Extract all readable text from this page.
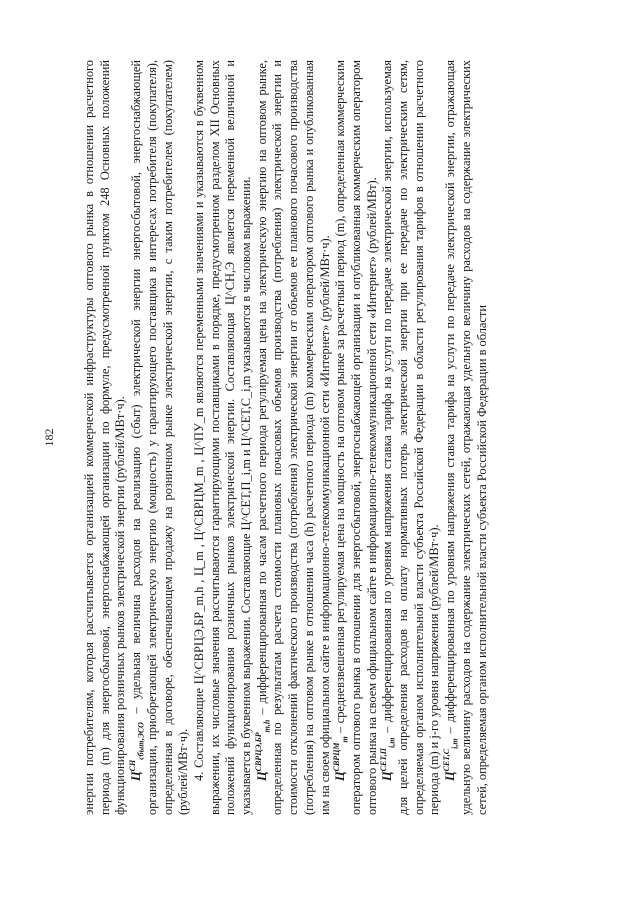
182 энергии потребителям, которая рассчитывается организацией коммерческой инфраструктуры оптового рынка в отношении расчетного периода (m) для энергосбытовой, энергоснабжающей организации по формуле, предусмотренной пунктом 248 Основных положений функционирования розничных рынков электрической энергии (рублей/МВт·ч). $Ц^{СН}_{сбыт,ЭСО}$ – удельная величина расходов на реализацию (сбыт) электрической энергии энергосбытовой, энергоснабжающей организации, приобретающей электрическую энергию (мощность) у гарантирующего поставщика в интересах потребителя (покупателя), определенная в договоре, обеспечивающем продажу на розничном рынке электрической энергии, с таким потребителем (покупателем) (рублей/МВт·ч). 4. Составляющие Ц^СВРЦЭ,БР_m,h , Ц_m , Ц^СВРЦМ_m , Ц^ПУ_m являются переменными значениями и указываются в буквенном выражении, их числовые значения рассчитываются гарантирующими поставщиками в порядке, предусмотренном разделом XII Основных положений функционирования розничных рынков электрической энергии. Составляющая Ц^СН,Э является переменной величиной и указывается в буквенном выражении. Составляющие Ц^СЕТ,Π_i,m и Ц^СЕТ,С_i,m указываются в числовом выражении. $Ц^{СВРЦЭ,БР}_{m,h}$ – дифференцированная по часам расчетного периода регулируемая цена на электрическую энергию на оптовом рынке, определенная по результатам расчета стоимости плановых почасовых объемов производства (потребления) электрической энергии и стоимости отклонений фактического производства (потребления) электрической энергии от объемов ее планового почасового производства (потребления) на оптовом рынке в отношении часа (h) расчетного периода (m) коммерческим оператором оптового рынка и опубликованная им на своем официальном сайте в информационно-телекоммуникационной сети «Интернет» (рублей/МВт·ч). $Ц^{СВРЦМ}_m$ – средневзвешенная регулируемая цена на мощность на оптовом рынке за расчетный период (m), определенная коммерческим оператором оптового рынка в отношении для энергосбытовой, энергоснабжающей организации и опубликованная коммерческим оператором оптового рынка на своем официальном сайте в информационно-телекоммуникационной сети «Интернет» (рублей/МВт). $Ц^{СЕТ,\Pi}_{i,m}$ – дифференцированная по уровням напряжения ставка тарифа на услуги по передаче электрической энергии, используемая для целей определения расходов на оплату нормативных потерь электрической энергии при ее передаче по электрическим сетям, определяемая органом исполнительной власти субъекта Российской Федерации в области регулирования тарифов в отношении расчетного периода (m) и j-го уровня напряжения (рублей/МВт·ч). $Ц^{СЕТ,С}_{i,m}$ – дифференцированная по уровням напряжения ставка тарифа на услуги по передаче электрической энергии, отражающая удельную величину расходов на содержание электрических сетей, отражающая удельную величину расходов на содержание электрических сетей, определяемая органом исполнительной власти субъекта Российской Федерации в области
